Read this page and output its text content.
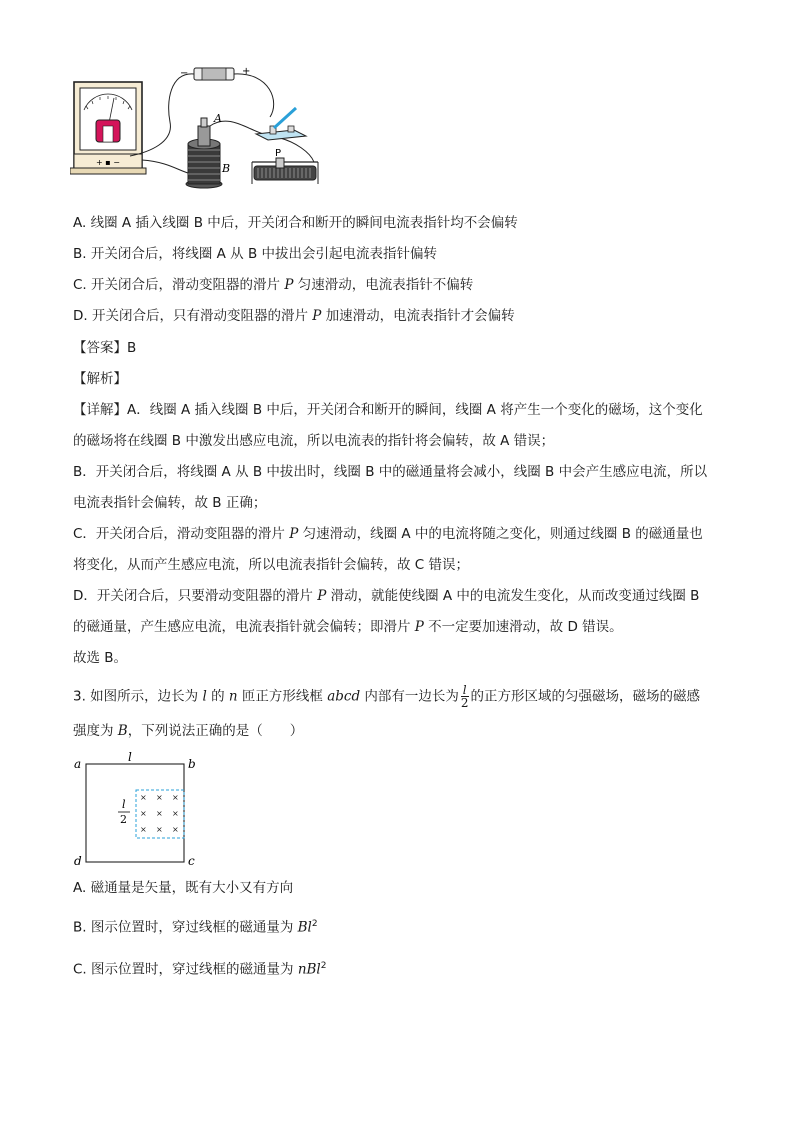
+ ▪ −
−	+
A
B
P
A. 线圈 A 插入线圈 B 中后，开关闭合和断开的瞬间电流表指针均不会偏转
B. 开关闭合后，将线圈 A 从 B 中拔出会引起电流表指针偏转
C. 开关闭合后，滑动变阻器的滑片 P 匀速滑动，电流表指针不偏转
D. 开关闭合后，只有滑动变阻器的滑片 P 加速滑动，电流表指针才会偏转
【答案】B
【解析】
【详解】A．线圈 A 插入线圈 B 中后，开关闭合和断开的瞬间，线圈 A 将产生一个变化的磁场，这个变化
的磁场将在线圈 B 中激发出感应电流，所以电流表的指针将会偏转，故 A 错误；
B．开关闭合后，将线圈 A 从 B 中拔出时，线圈 B 中的磁通量将会减小，线圈 B 中会产生感应电流，所以
电流表指针会偏转，故 B 正确；
C．开关闭合后，滑动变阻器的滑片 P 匀速滑动，线圈 A 中的电流将随之变化，则通过线圈 B 的磁通量也
将变化，从而产生感应电流，所以电流表指针会偏转，故 C 错误；
D．开关闭合后，只要滑动变阻器的滑片 P 滑动，就能使线圈 A 中的电流发生变化，从而改变通过线圈 B
的磁通量，产生感应电流，电流表指针就会偏转；即滑片 P 不一定要加速滑动，故 D 错误。
故选 B。
3. 如图所示，边长为 l 的 n 匝正方形线框 abcd 内部有一边长为 $\frac{l}{2}$ 的正方形区域的匀强磁场，磁场的磁感
强度为 B，下列说法正确的是（　　）
× × ×
× × ×
× × ×
a	b
c
d
l
l
2
A. 磁通量是矢量，既有大小又有方向
B. 图示位置时，穿过线框的磁通量为 Bl$^2$
C. 图示位置时，穿过线框的磁通量为 nBl$^2$
